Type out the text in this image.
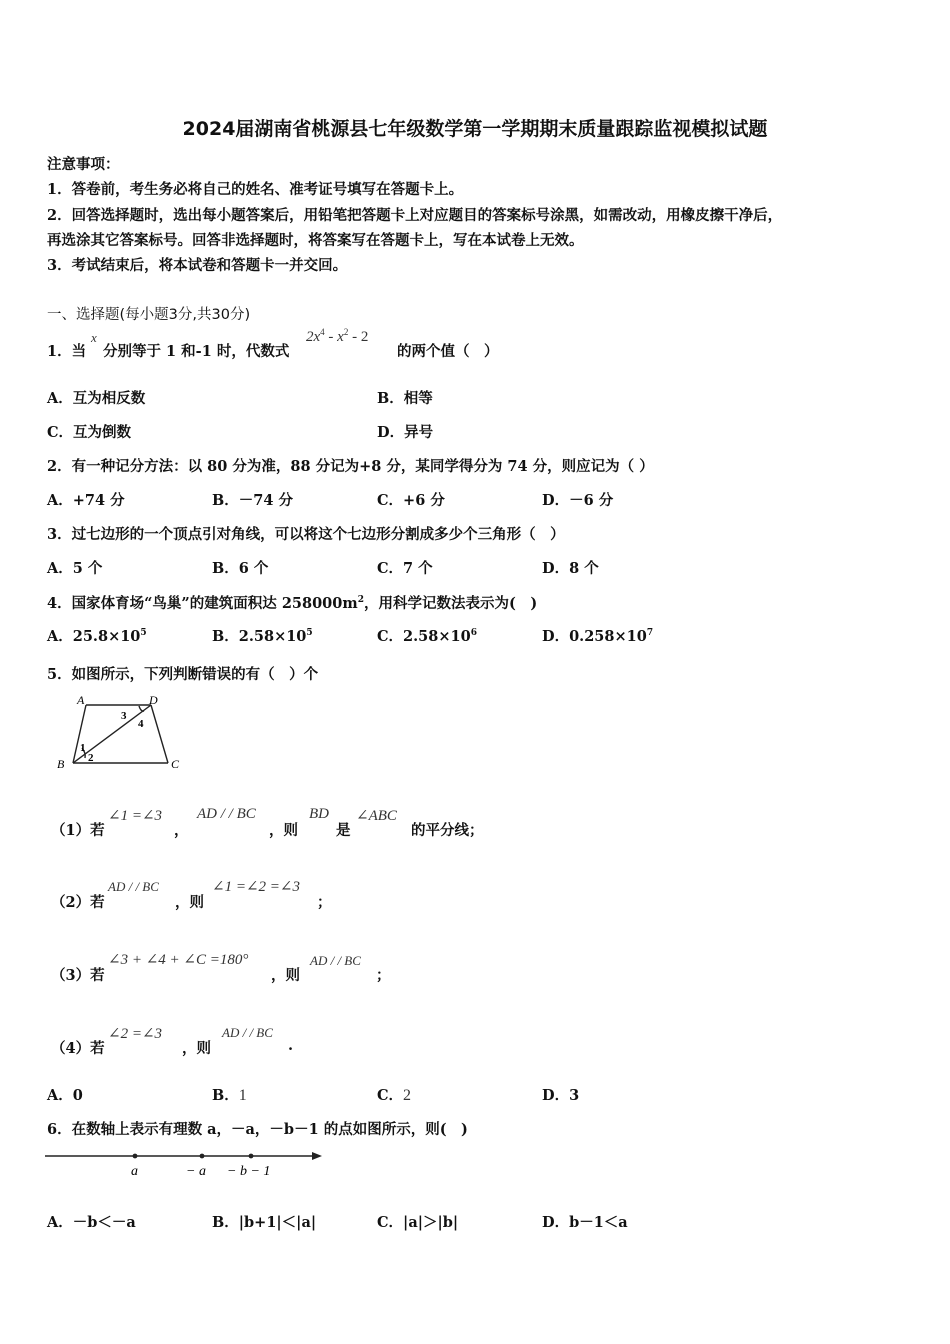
2024届湖南省桃源县七年级数学第一学期期末质量跟踪监视模拟试题
注意事项：
1．答卷前，考生务必将自己的姓名、准考证号填写在答题卡上。
2．回答选择题时，选出每小题答案后，用铅笔把答题卡上对应题目的答案标号涂黑，如需改动，用橡皮擦干净后，
再选涂其它答案标号。回答非选择题时，将答案写在答题卡上，写在本试卷上无效。
3．考试结束后，将本试卷和答题卡一并交回。
一、选择题(每小题3分,共30分)
1．当
x
分别等于 1 和-1 时，代数式
$2x^4 - x^2 - 2$
的两个值（　）
A．互为相反数	B．相等
C．互为倒数	D．异号
2．有一种记分方法：以 80 分为准，88 分记为+8 分，某同学得分为 74 分，则应记为（ ）
A．+74 分	B．－74 分	C．+6 分	D．－6 分
3．过七边形的一个顶点引对角线，可以将这个七边形分割成多少个三角形（　）
A．5 个	B．6 个	C．7 个	D．8 个
4．国家体育场“鸟巢”的建筑面积达 $258000m^2$，用科学记数法表示为(　)
A．$25.8\times 10^5$	B．$2.58\times 10^5$	C．$2.58\times 10^6$	D．$0.258\times 10^7$
5．如图所示，下列判断错误的有（　）个
A	D
B	C
1
2
3
4
（1）若
∠1 =∠3
，
AD / / BC
，则
BD
是
∠ABC
的平分线；
（2）若
AD / / BC
，则
∠1 =∠2 =∠3
；
（3）若
∠3 + ∠4 + ∠C =180°
，则
AD / / BC
；
（4）若
∠2 =∠3
，则
AD / / BC
.
A．0	B．1	C．2	D．3
6．在数轴上表示有理数 a，－a，－b－1 的点如图所示，则(　)
a	− a − b − 1
A．－b＜－a	B．|b+1|＜|a|	C．|a|＞|b|	D．b－1＜a
